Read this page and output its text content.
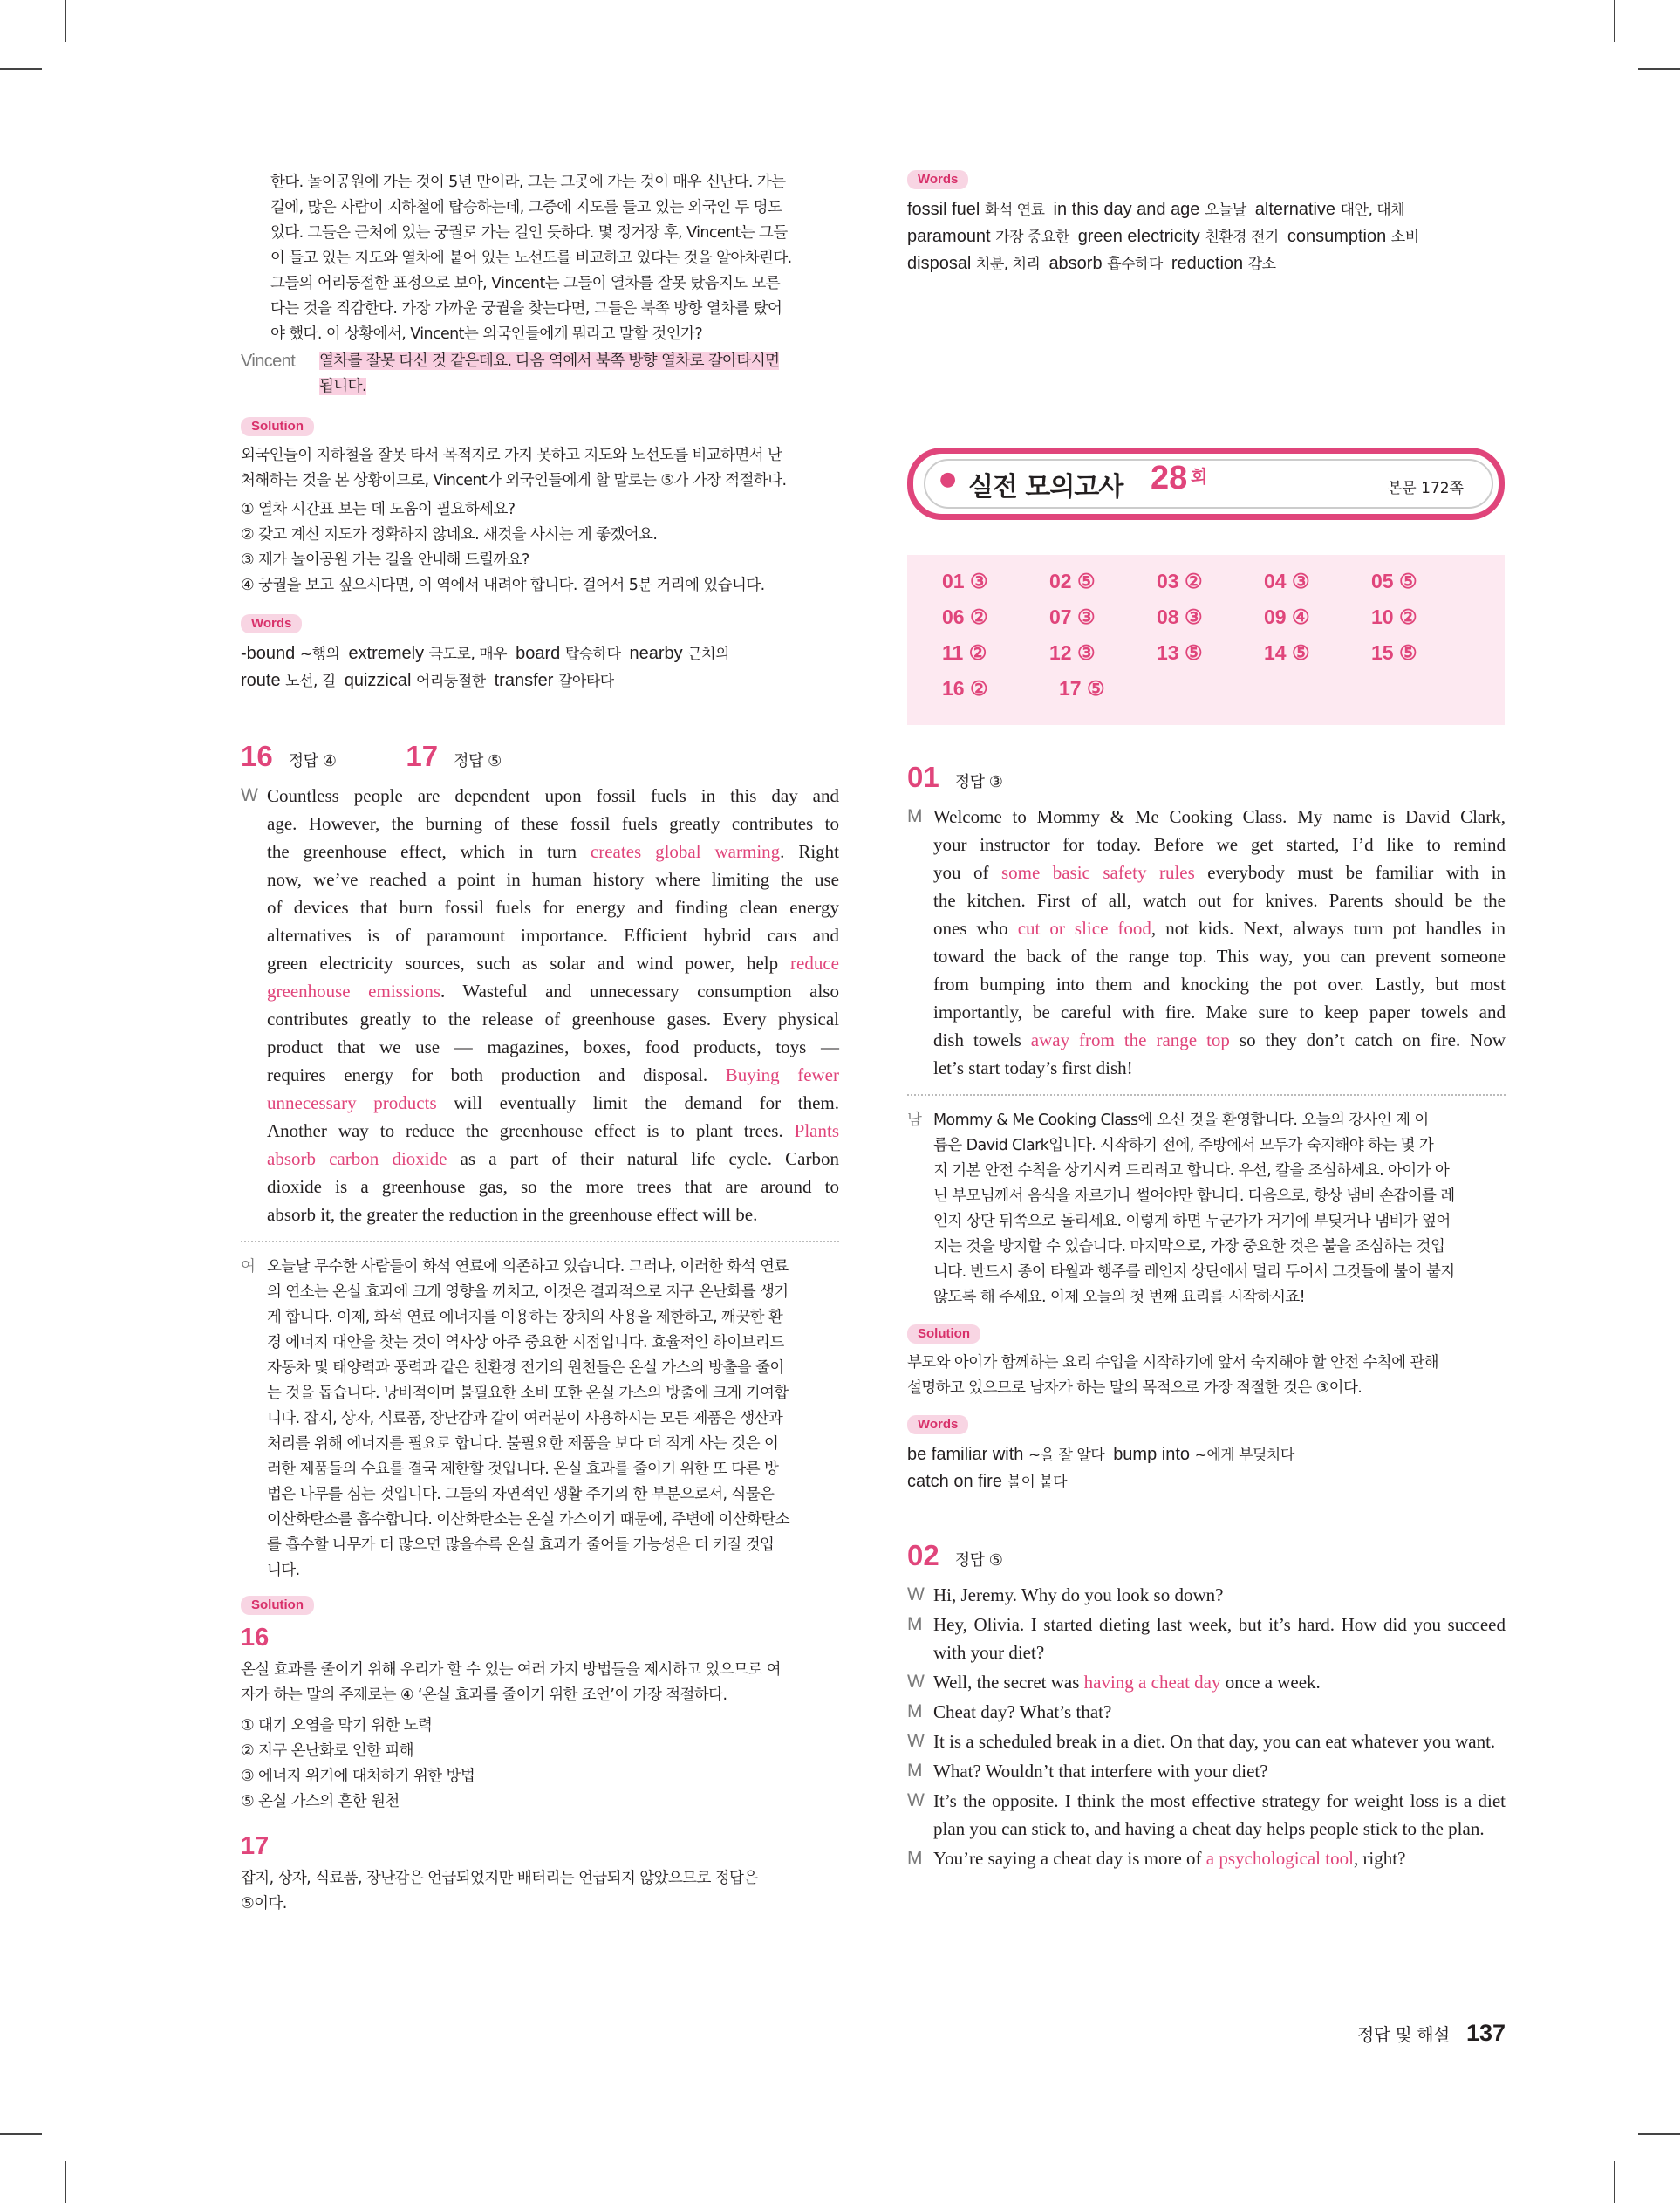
한다. 놀이공원에 가는 것이 5년 만이라, 그는 그곳에 가는 것이 매우 신난다. 가는
길에, 많은 사람이 지하철에 탑승하는데, 그중에 지도를 들고 있는 외국인 두 명도
있다. 그들은 근처에 있는 궁궐로 가는 길인 듯하다. 몇 정거장 후, Vincent는 그들
이 들고 있는 지도와 열차에 붙어 있는 노선도를 비교하고 있다는 것을 알아차린다.
그들의 어리둥절한 표정으로 보아, Vincent는 그들이 열차를 잘못 탔음지도 모른
다는 것을 직감한다. 가장 가까운 궁궐을 찾는다면, 그들은 북쪽 방향 열차를 탔어
야 했다. 이 상황에서, Vincent는 외국인들에게 뭐라고 말할 것인가?
Vincent	열차를 잘못 타신 것 같은데요. 다음 역에서 북쪽 방향 열차로 갈아타시면
됩니다.
Solution
외국인들이 지하철을 잘못 타서 목적지로 가지 못하고 지도와 노선도를 비교하면서 난
처해하는 것을 본 상황이므로, Vincent가 외국인들에게 할 말로는 ⑤가 가장 적절하다.
① 열차 시간표 보는 데 도움이 필요하세요?
② 갖고 계신 지도가 정확하지 않네요. 새것을 사시는 게 좋겠어요.
③ 제가 놀이공원 가는 길을 안내해 드릴까요?
④ 궁궐을 보고 싶으시다면, 이 역에서 내려야 합니다. 걸어서 5분 거리에 있습니다.
Words
-bound ~행의  extremely 극도로, 매우  board 탑승하다  nearby 근처의
route 노선, 길  quizzical 어리둥절한  transfer 갈아타다
16 정답 ④ 17 정답 ⑤
W Countless people are dependent upon fossil fuels in this day and
age. However, the burning of these fossil fuels greatly contributes to
the greenhouse effect, which in turn creates global warming. Right
now, we’ve reached a point in human history where limiting the use
of devices that burn fossil fuels for energy and finding clean energy
alternatives is of paramount importance. Efficient hybrid cars and
green electricity sources, such as solar and wind power, help reduce
greenhouse emissions. Wasteful and unnecessary consumption also
contributes greatly to the release of greenhouse gases. Every physical
product that we use — magazines, boxes, food products, toys —
requires energy for both production and disposal. Buying fewer
unnecessary products will eventually limit the demand for them.
Another way to reduce the greenhouse effect is to plant trees. Plants
absorb carbon dioxide as a part of their natural life cycle. Carbon
dioxide is a greenhouse gas, so the more trees that are around to
absorb it, the greater the reduction in the greenhouse effect will be.
여 오늘날 무수한 사람들이 화석 연료에 의존하고 있습니다. 그러나, 이러한 화석 연료
의 연소는 온실 효과에 크게 영향을 끼치고, 이것은 결과적으로 지구 온난화를 생기
게 합니다. 이제, 화석 연료 에너지를 이용하는 장치의 사용을 제한하고, 깨끗한 환
경 에너지 대안을 찾는 것이 역사상 아주 중요한 시점입니다. 효율적인 하이브리드
자동차 및 태양력과 풍력과 같은 친환경 전기의 원천들은 온실 가스의 방출을 줄이
는 것을 돕습니다. 낭비적이며 불필요한 소비 또한 온실 가스의 방출에 크게 기여합
니다. 잡지, 상자, 식료품, 장난감과 같이 여러분이 사용하시는 모든 제품은 생산과
처리를 위해 에너지를 필요로 합니다. 불필요한 제품을 보다 더 적게 사는 것은 이
러한 제품들의 수요를 결국 제한할 것입니다. 온실 효과를 줄이기 위한 또 다른 방
법은 나무를 심는 것입니다. 그들의 자연적인 생활 주기의 한 부분으로서, 식물은
이산화탄소를 흡수합니다. 이산화탄소는 온실 가스이기 때문에, 주변에 이산화탄소
를 흡수할 나무가 더 많으면 많을수록 온실 효과가 줄어들 가능성은 더 커질 것입
니다.
Solution
16
온실 효과를 줄이기 위해 우리가 할 수 있는 여러 가지 방법들을 제시하고 있으므로 여
자가 하는 말의 주제로는 ④ ‘온실 효과를 줄이기 위한 조언’이 가장 적절하다.
① 대기 오염을 막기 위한 노력
② 지구 온난화로 인한 피해
③ 에너지 위기에 대처하기 위한 방법
⑤ 온실 가스의 흔한 원천
17
잡지, 상자, 식료품, 장난감은 언급되었지만 배터리는 언급되지 않았으므로 정답은
⑤이다.
Words
fossil fuel 화석 연료  in this day and age 오늘날  alternative 대안, 대체
paramount 가장 중요한  green electricity 친환경 전기  consumption 소비
disposal 처분, 처리  absorb 흡수하다  reduction 감소
● 실전 모의고사 28 회
본문 172쪽
01 ③	02 ⑤	03 ②	04 ③	05 ⑤
06 ②	07 ③	08 ③	09 ④	10 ②
11 ②	12 ③	13 ⑤	14 ⑤	15 ⑤
16 ②	17 ⑤
01 정답 ③
M Welcome to Mommy & Me Cooking Class. My name is David Clark,
your instructor for today. Before we get started, I’d like to remind
you of some basic safety rules everybody must be familiar with in
the kitchen. First of all, watch out for knives. Parents should be the
ones who cut or slice food, not kids. Next, always turn pot handles in
toward the back of the range top. This way, you can prevent someone
from bumping into them and knocking the pot over. Lastly, but most
importantly, be careful with fire. Make sure to keep paper towels and
dish towels away from the range top so they don’t catch on fire. Now
let’s start today’s first dish!
남 Mommy & Me Cooking Class에 오신 것을 환영합니다. 오늘의 강사인 제 이
름은 David Clark입니다. 시작하기 전에, 주방에서 모두가 숙지해야 하는 몇 가
지 기본 안전 수칙을 상기시켜 드리려고 합니다. 우선, 칼을 조심하세요. 아이가 아
닌 부모님께서 음식을 자르거나 썰어야만 합니다. 다음으로, 항상 냄비 손잡이를 레
인지 상단 뒤쪽으로 돌리세요. 이렇게 하면 누군가가 거기에 부딪거나 냄비가 엎어
지는 것을 방지할 수 있습니다. 마지막으로, 가장 중요한 것은 불을 조심하는 것입
니다. 반드시 종이 타월과 행주를 레인지 상단에서 멀리 두어서 그것들에 불이 붙지
않도록 해 주세요. 이제 오늘의 첫 번째 요리를 시작하시죠!
Solution
부모와 아이가 함께하는 요리 수업을 시작하기에 앞서 숙지해야 할 안전 수칙에 관해
설명하고 있으므로 남자가 하는 말의 목적으로 가장 적절한 것은 ③이다.
Words
be familiar with ~을 잘 알다  bump into ~에게 부딪치다
catch on fire 불이 붙다
02 정답 ⑤
W Hi, Jeremy. Why do you look so down?
M Hey, Olivia. I started dieting last week, but it’s hard. How did you succeed with your diet?
W Well, the secret was having a cheat day once a week.
M Cheat day? What’s that?
W It is a scheduled break in a diet. On that day, you can eat whatever you want.
M What? Wouldn’t that interfere with your diet?
W It’s the opposite. I think the most effective strategy for weight loss is a diet plan you can stick to, and having a cheat day helps people stick to the plan.
M You’re saying a cheat day is more of a psychological tool, right?
정답 및 해설 137
